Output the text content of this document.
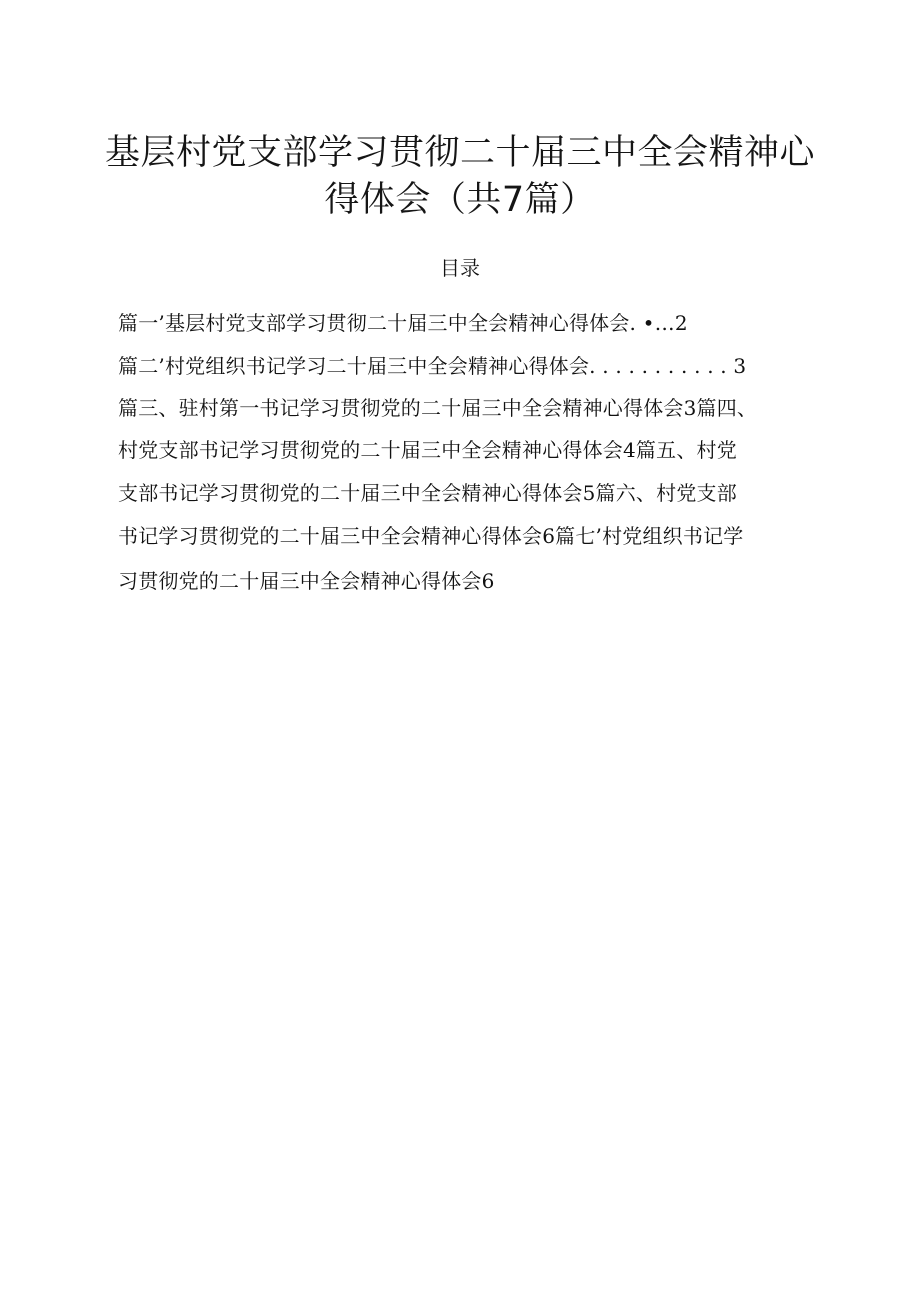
基层村党支部学习贯彻二十届三中全会精神心
得体会（共7篇）
目录
篇一’基层村党支部学习贯彻二十届三中全会精神心得体会. •…2
篇二’村党组织书记学习二十届三中全会精神心得体会. . . . . . . . . . . 3
篇三、驻村第一书记学习贯彻党的二十届三中全会精神心得体会3篇四、
村党支部书记学习贯彻党的二十届三中全会精神心得体会4篇五、村党
支部书记学习贯彻党的二十届三中全会精神心得体会5篇六、村党支部
书记学习贯彻党的二十届三中全会精神心得体会6篇七’村党组织书记学
习贯彻党的二十届三中全会精神心得体会6
